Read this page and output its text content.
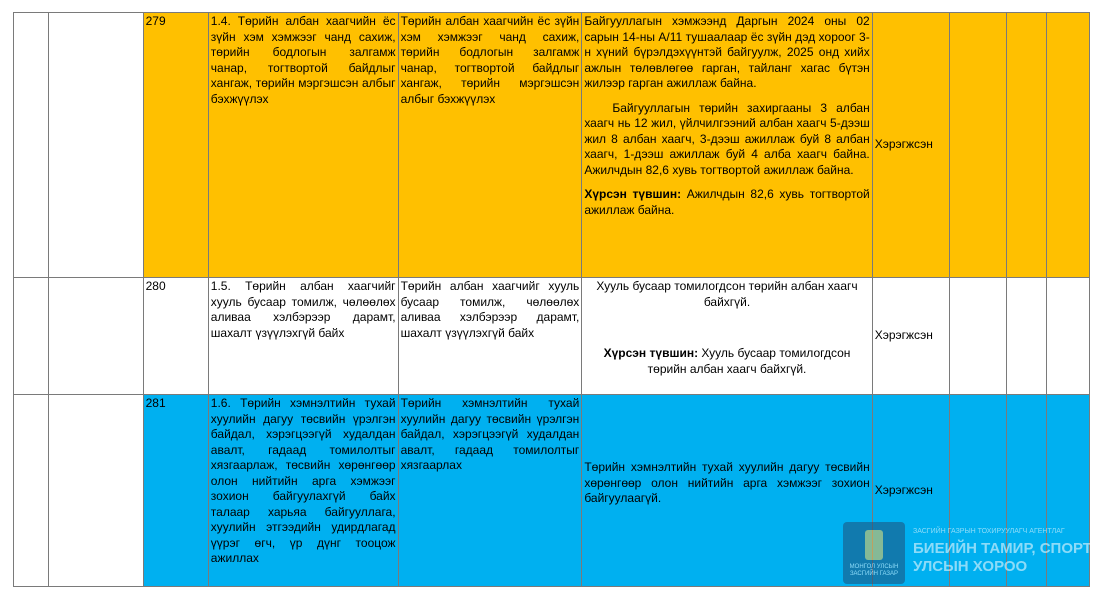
		279	1.4. Төрийн албан хаагчийн ёс зүйн хэм хэмжээг чанд сахиж, төрийн бодлогын залгамж чанар, тогтвортой байдлыг хангаж, төрийн мэргэшсэн албыг бэхжүүлэх	Төрийн албан хаагчийн ёс зүйн хэм хэмжээг чанд сахиж, төрийн бодлогын залгамж чанар, тогтвортой байдлыг хангаж, төрийн мэргэшсэн албыг бэхжүүлэх	Байгууллагын хэмжээнд Даргын 2024 оны 02 сарын 14-ны А/11 тушаалаар ёс зүйн дэд хороог 3-н хүний бүрэлдэхүүнтэй байгуулж, 2025 онд хийх ажлын төлөвлөгөө гарган, тайланг хагас бүтэн жилээр гарган ажиллаж байна.

Байгууллагын төрийн захиргааны 3 албан хаагч нь 12 жил, үйлчилгээний албан хаагч 5-дээш жил 8 албан хаагч, 3-дээш ажиллаж буй 8 албан хаагч, 1-дээш ажиллаж буй 4 алба хаагч байна. Ажилчдын 82,6 хувь тогтвортой ажиллаж байна.

Хүрсэн түвшин: Ажилчдын 82,6 хувь тогтвортой ажиллаж байна.	Хэрэгжсэн			
		280	1.5. Төрийн албан хаагчийг хууль бусаар томилж, чөлөөлөх аливаа хэлбэрээр дарамт, шахалт үзүүлэхгүй байх	Төрийн албан хаагчийг хууль бусаар томилж, чөлөөлөх аливаа хэлбэрээр дарамт, шахалт үзүүлэхгүй байх	Хууль бусаар томилогдсон төрийн албан хаагч байхгүй.

Хүрсэн түвшин: Хууль бусаар томилогдсон төрийн албан хаагч байхгүй.	Хэрэгжсэн			
		281	1.6. Төрийн хэмнэлтийн тухай хуулийн дагуу төсвийн үрэлгэн байдал, хэрэгцээгүй худалдан авалт, гадаад томилолтыг хязгаарлаж, төсвийн хөрөнгөөр олон нийтийн арга хэмжээг зохион байгуулахгүй байх талаар харьяа байгууллага, хуулийн этгээдийн удирдлагад үүрэг өгч, үр дүнг тооцож ажиллах	Төрийн хэмнэлтийн тухай хуулийн дагуу төсвийн үрэлгэн байдал, хэрэгцээгүй худалдан авалт, гадаад томилолтыг хязгаарлах	Төрийн хэмнэлтийн тухай хуулийн дагуу төсвийн хөрөнгөөр олон нийтийн арга хэмжээг зохион байгуулаагүй.	Хэрэгжсэн			
МОНГОЛ УЛСЫН ЗАСГИЙН ГАЗАР
ЗАСГИЙН ГАЗРЫН ТОХИРУУЛАГЧ АГЕНТЛАГ
БИЕИЙН ТАМИР, СПОРТЫН
УЛСЫН ХОРОО
